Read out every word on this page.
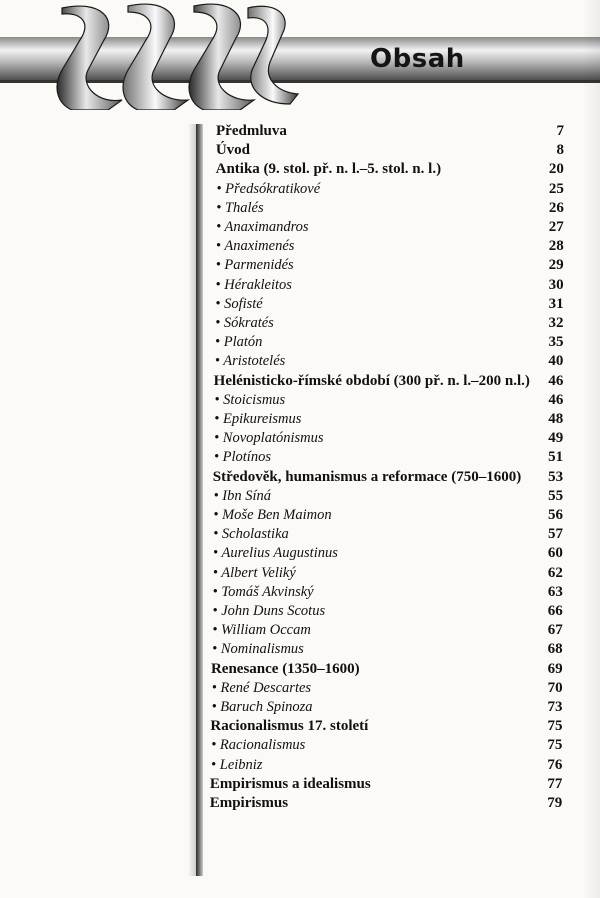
Obsah
Předmluva	7
Úvod	8
Antika (9. stol. př. n. l.–5. stol. n. l.)	20
• Předsókratikové	25
• Thalés	26
• Anaximandros	27
• Anaximenés	28
• Parmenidés	29
• Hérakleitos	30
• Sofisté	31
• Sókratés	32
• Platón	35
• Aristotelés	40
Helénisticko-římské období (300 př. n. l.–200 n.l.) 46
• Stoicismus	46
• Epikureismus	48
• Novoplatónismus	49
• Plotínos	51
Středověk, humanismus a reformace (750–1600) 53
• Ibn Síná	55
• Moše Ben Maimon	56
• Scholastika	57
• Aurelius Augustinus	60
• Albert Veliký	62
• Tomáš Akvinský	63
• John Duns Scotus	66
• William Occam	67
• Nominalismus	68
Renesance (1350–1600)	69
• René Descartes	70
• Baruch Spinoza	73
Racionalismus 17. století	75
• Racionalismus	75
• Leibniz	76
Empirismus a idealismus	77
Empirismus	79
